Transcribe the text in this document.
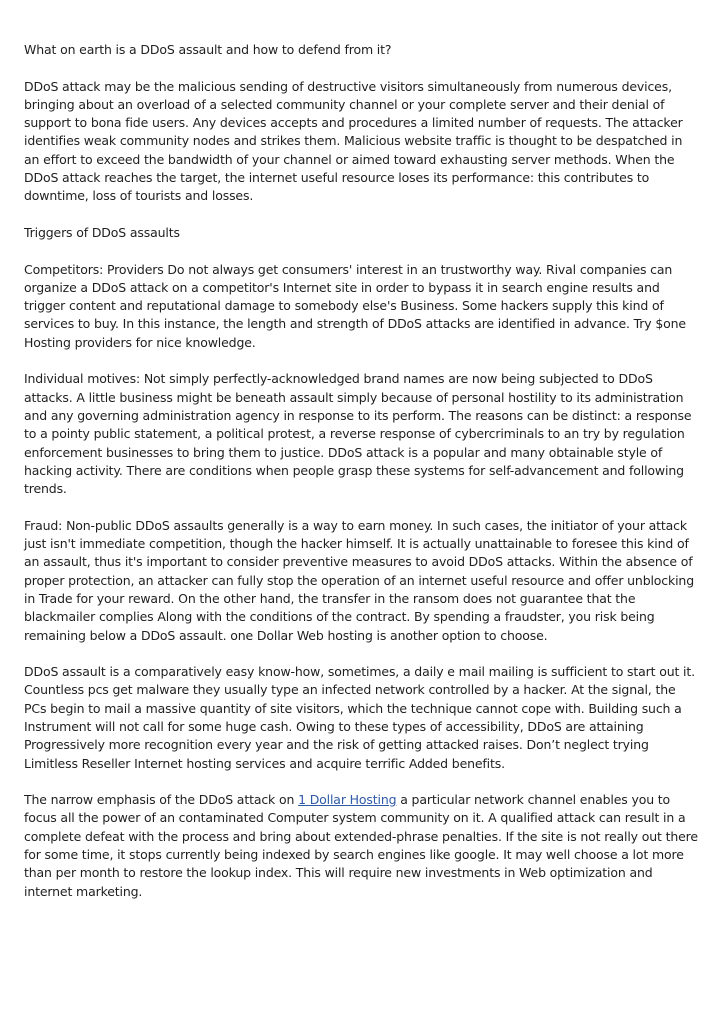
What on earth is a DDoS assault and how to defend from it?

DDoS attack may be the malicious sending of destructive visitors simultaneously from numerous devices, bringing about an overload of a selected community channel or your complete server and their denial of support to bona fide users. Any devices accepts and procedures a limited number of requests. The attacker identifies weak community nodes and strikes them. Malicious website traffic is thought to be despatched in an effort to exceed the bandwidth of your channel or aimed toward exhausting server methods. When the DDoS attack reaches the target, the internet useful resource loses its performance: this contributes to downtime, loss of tourists and losses.

Triggers of DDoS assaults

Competitors: Providers Do not always get consumers' interest in an trustworthy way. Rival companies can organize a DDoS attack on a competitor's Internet site in order to bypass it in search engine results and trigger content and reputational damage to somebody else's Business. Some hackers supply this kind of services to buy. In this instance, the length and strength of DDoS attacks are identified in advance. Try $one Hosting providers for nice knowledge.

Individual motives: Not simply perfectly-acknowledged brand names are now being subjected to DDoS attacks. A little business might be beneath assault simply because of personal hostility to its administration and any governing administration agency in response to its perform. The reasons can be distinct: a response to a pointy public statement, a political protest, a reverse response of cybercriminals to an try by regulation enforcement businesses to bring them to justice. DDoS attack is a popular and many obtainable style of hacking activity. There are conditions when people grasp these systems for self-advancement and following trends.

Fraud: Non-public DDoS assaults generally is a way to earn money. In such cases, the initiator of your attack just isn't immediate competition, though the hacker himself. It is actually unattainable to foresee this kind of an assault, thus it's important to consider preventive measures to avoid DDoS attacks. Within the absence of proper protection, an attacker can fully stop the operation of an internet useful resource and offer unblocking in Trade for your reward. On the other hand, the transfer in the ransom does not guarantee that the blackmailer complies Along with the conditions of the contract. By spending a fraudster, you risk being remaining below a DDoS assault. one Dollar Web hosting is another option to choose.

DDoS assault is a comparatively easy know-how, sometimes, a daily e mail mailing is sufficient to start out it. Countless pcs get malware they usually type an infected network controlled by a hacker. At the signal, the PCs begin to mail a massive quantity of site visitors, which the technique cannot cope with. Building such a Instrument will not call for some huge cash. Owing to these types of accessibility, DDoS are attaining Progressively more recognition every year and the risk of getting attacked raises. Don’t neglect trying Limitless Reseller Internet hosting services and acquire terrific Added benefits.

The narrow emphasis of the DDoS attack on 1 Dollar Hosting a particular network channel enables you to focus all the power of an contaminated Computer system community on it. A qualified attack can result in a complete defeat with the process and bring about extended-phrase penalties. If the site is not really out there for some time, it stops currently being indexed by search engines like google. It may well choose a lot more than per month to restore the lookup index. This will require new investments in Web optimization and internet marketing.
